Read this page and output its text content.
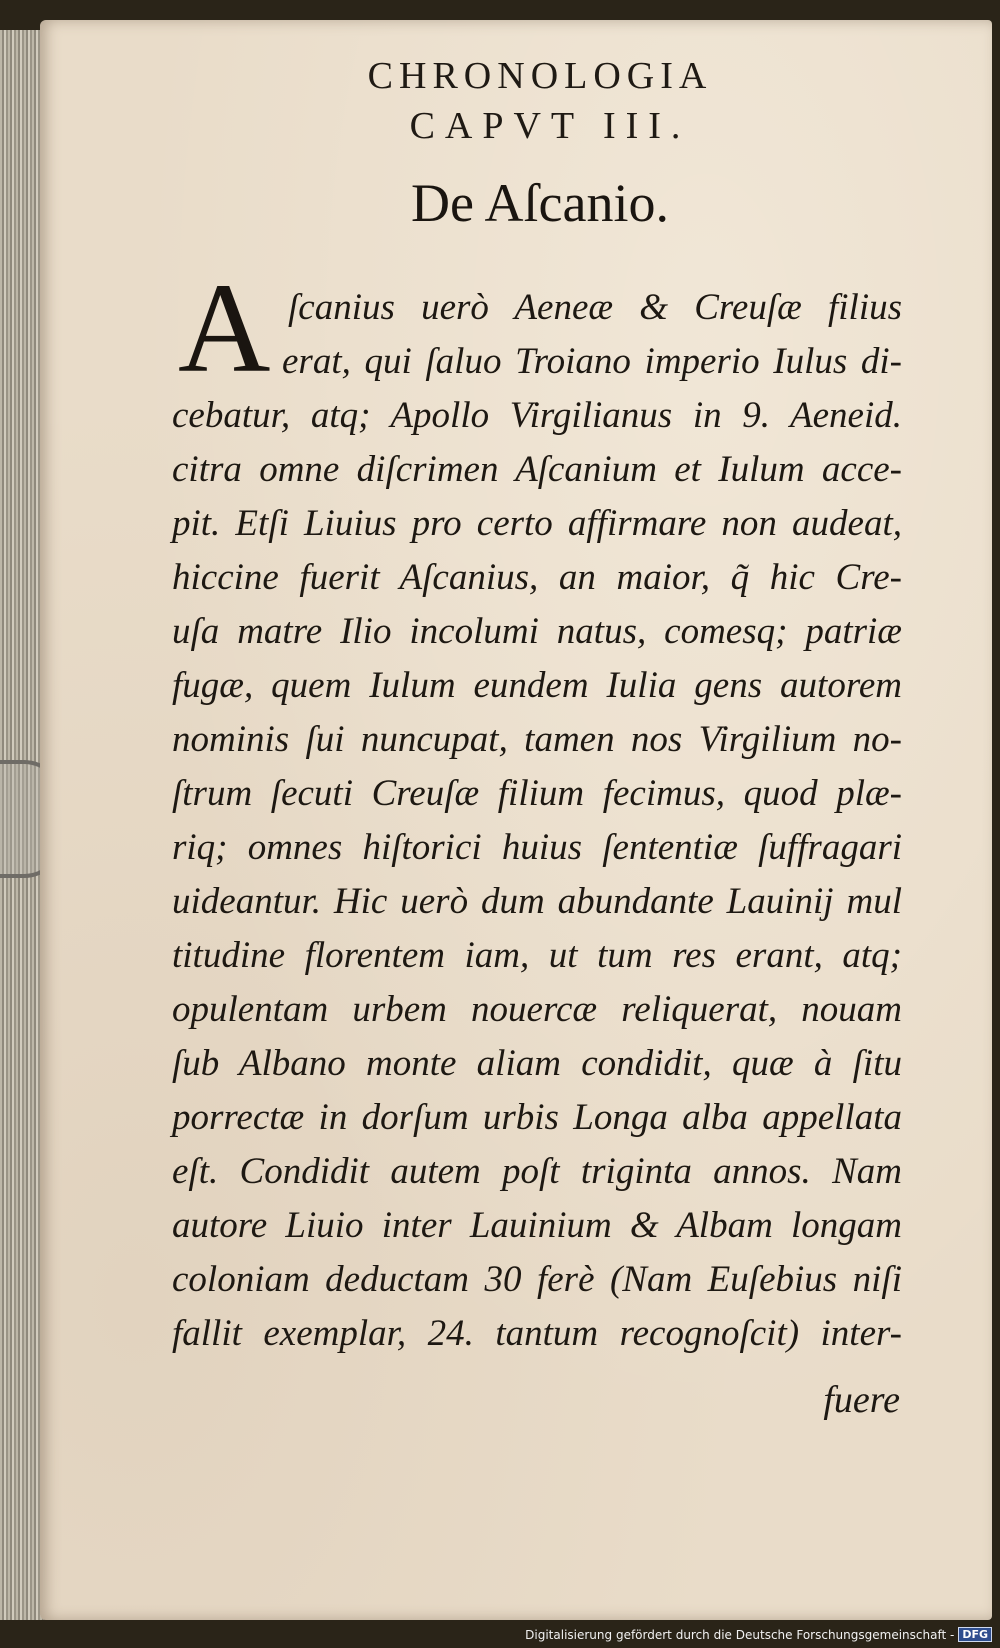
CHRONOLOGIA
CAPVT III.
De Aſcanio.
A ſcanius uerò Aeneæ & Creuſæ filius
erat, qui ſaluo Troiano imperio Iulus di-
cebatur, atq; Apollo Virgilianus in 9. Aeneid.
citra omne diſcrimen Aſcanium et Iulum acce-
pit. Etſi Liuius pro certo affirmare non audeat,
hiccine fuerit Aſcanius, an maior, q̃ hic Cre-
uſa matre Ilio incolumi natus, comesq; patriæ
fugæ, quem Iulum eundem Iulia gens autorem
nominis ſui nuncupat, tamen nos Virgilium no-
ſtrum ſecuti Creuſæ filium fecimus, quod plæ-
riq; omnes hiſtorici huius ſententiæ ſuffragari
uideantur. Hic uerò dum abundante Lauinij mul
titudine florentem iam, ut tum res erant, atq;
opulentam urbem nouercæ reliquerat, nouam
ſub Albano monte aliam condidit, quæ à ſitu
porrectæ in dorſum urbis Longa alba appellata
eſt. Condidit autem poſt triginta annos. Nam
autore Liuio inter Lauinium & Albam longam
coloniam deductam 30 ferè (Nam Euſebius niſi
fallit exemplar, 24. tantum recognoſcit) inter-
fuere
Digitalisierung gefördert durch die Deutsche Forschungsgemeinschaft - DFG
